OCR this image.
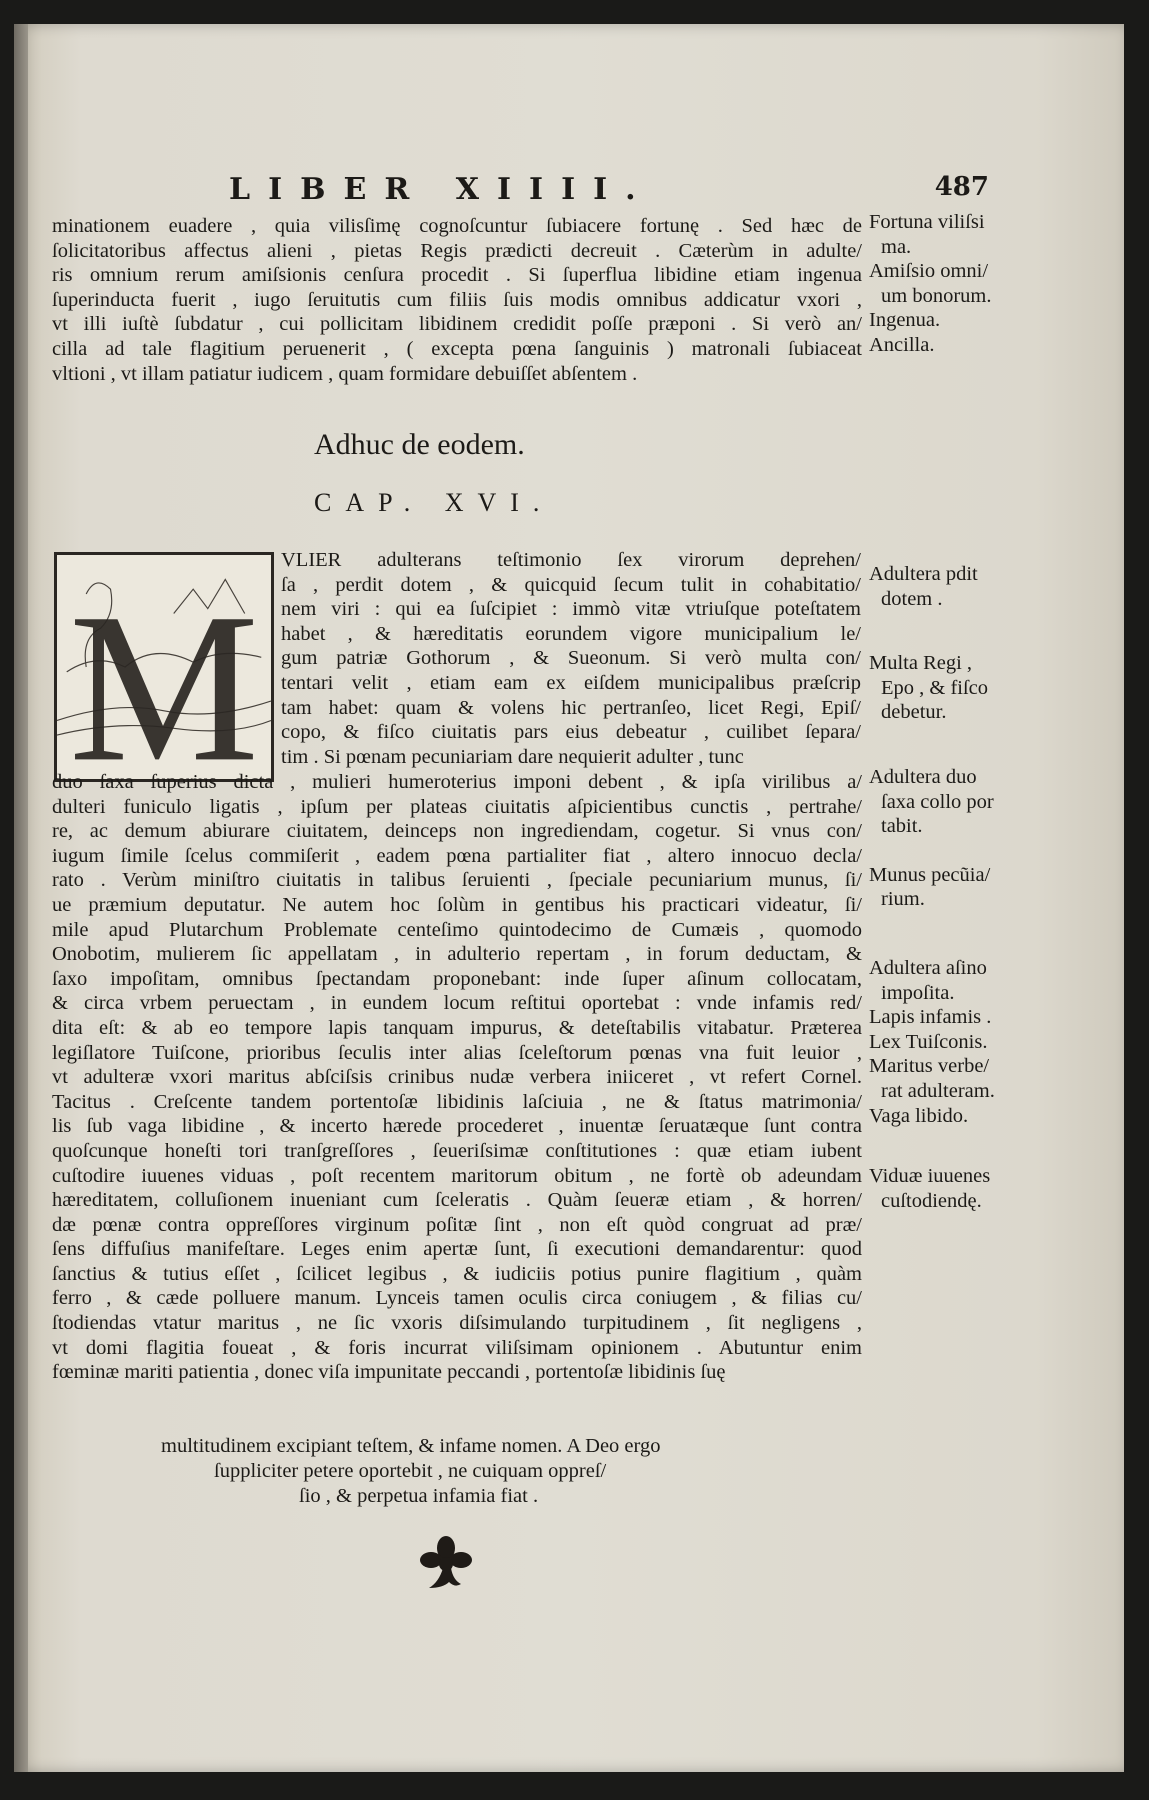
LIBER XIIII.	487
minationem euadere , quia vilisſimę cognoſcuntur ſubiacere fortunę . Sed hæc de
ſolicitatoribus affectus alieni , pietas Regis prædicti decreuit . Cæterùm in adulte/
ris omnium rerum amiſsionis cenſura procedit . Si ſuperflua libidine etiam ingenua
ſuperinducta fuerit , iugo ſeruitutis cum filiis ſuis modis omnibus addicatur vxori ,
vt illi iuſtè ſubdatur , cui pollicitam libidinem credidit poſſe præponi . Si verò an/
cilla ad tale flagitium peruenerit , ( excepta pœna ſanguinis ) matronali ſubiaceat
vltioni , vt illam patiatur iudicem , quam formidare debuiſſet abſentem .
Adhuc de eodem.
CAP. XVI.
M
VLIER adulterans teſtimonio ſex virorum deprehen/
ſa , perdit dotem , & quicquid ſecum tulit in cohabitatio/
nem viri : qui ea ſuſcipiet : immò vitæ vtriuſque poteſtatem
habet , & hæreditatis eorundem vigore municipalium le/
gum patriæ Gothorum , & Sueonum. Si verò multa con/
tentari velit , etiam eam ex eiſdem municipalibus præſcrip
tam habet: quam & volens hic pertranſeo, licet Regi, Epiſ/
copo, & fiſco ciuitatis pars eius debeatur , cuilibet ſepara/
tim . Si pœnam pecuniariam dare nequierit adulter , tunc
duo ſaxa ſuperius dicta , mulieri humeroterius imponi debent , & ipſa virilibus a/
dulteri funiculo ligatis , ipſum per plateas ciuitatis aſpicientibus cunctis , pertrahe/
re, ac demum abiurare ciuitatem, deinceps non ingrediendam, cogetur. Si vnus con/
iugum ſimile ſcelus commiſerit , eadem pœna partialiter fiat , altero innocuo decla/
rato . Verùm miniſtro ciuitatis in talibus ſeruienti , ſpeciale pecuniarium munus, ſi/
ue præmium deputatur. Ne autem hoc ſolùm in gentibus his practicari videatur, ſi/
mile apud Plutarchum Problemate centeſimo quintodecimo de Cumæis , quomodo
Onobotim, mulierem ſic appellatam , in adulterio repertam , in forum deductam, &
ſaxo impoſitam, omnibus ſpectandam proponebant: inde ſuper aſinum collocatam,
& circa vrbem peruectam , in eundem locum reſtitui oportebat : vnde infamis red/
dita eſt: & ab eo tempore lapis tanquam impurus, & deteſtabilis vitabatur. Præterea
legiſlatore Tuiſcone, prioribus ſeculis inter alias ſceleſtorum pœnas vna fuit leuior ,
vt adulteræ vxori maritus abſciſsis crinibus nudæ verbera iniiceret , vt refert Cornel.
Tacitus . Creſcente tandem portentoſæ libidinis laſciuia , ne & ſtatus matrimonia/
lis ſub vaga libidine , & incerto hærede procederet , inuentæ ſeruatæque ſunt contra
quoſcunque honeſti tori tranſgreſſores , ſeueriſsimæ conſtitutiones : quæ etiam iubent
cuſtodire iuuenes viduas , poſt recentem maritorum obitum , ne fortè ob adeundam
hæreditatem, colluſionem inueniant cum ſceleratis . Quàm ſeueræ etiam , & horren/
dæ pœnæ contra oppreſſores virginum poſitæ ſint , non eſt quòd congruat ad præ/
ſens diffuſius manifeſtare. Leges enim apertæ ſunt, ſi executioni demandarentur: quod
ſanctius & tutius eſſet , ſcilicet legibus , & iudiciis potius punire flagitium , quàm
ferro , & cæde polluere manum. Lynceis tamen oculis circa coniugem , & filias cu/
ſtodiendas vtatur maritus , ne ſic vxoris diſsimulando turpitudinem , ſit negligens ,
vt domi flagitia foueat , & foris incurrat viliſsimam opinionem . Abutuntur enim
fœminæ mariti patientia , donec viſa impunitate peccandi , portentoſæ libidinis ſuę
multitudinem excipiant teſtem, & infame nomen. A Deo ergo
ſuppliciter petere oportebit , ne cuiquam oppreſ/
ſio , & perpetua infamia fiat .
Fortuna viliſsi
ma.
Amiſsio omni/
um bonorum.
Ingenua.
Ancilla.
Adultera pdit
dotem .
Multa Regi ,
Epo , & fiſco
debetur.
Adultera duo
ſaxa collo por
tabit.
Munus pecũia/
rium.
Adultera aſino
impoſita.
Lapis infamis .
Lex Tuiſconis.
Maritus verbe/
rat adulteram.
Vaga libido.
Viduæ iuuenes
cuſtodiendę.
